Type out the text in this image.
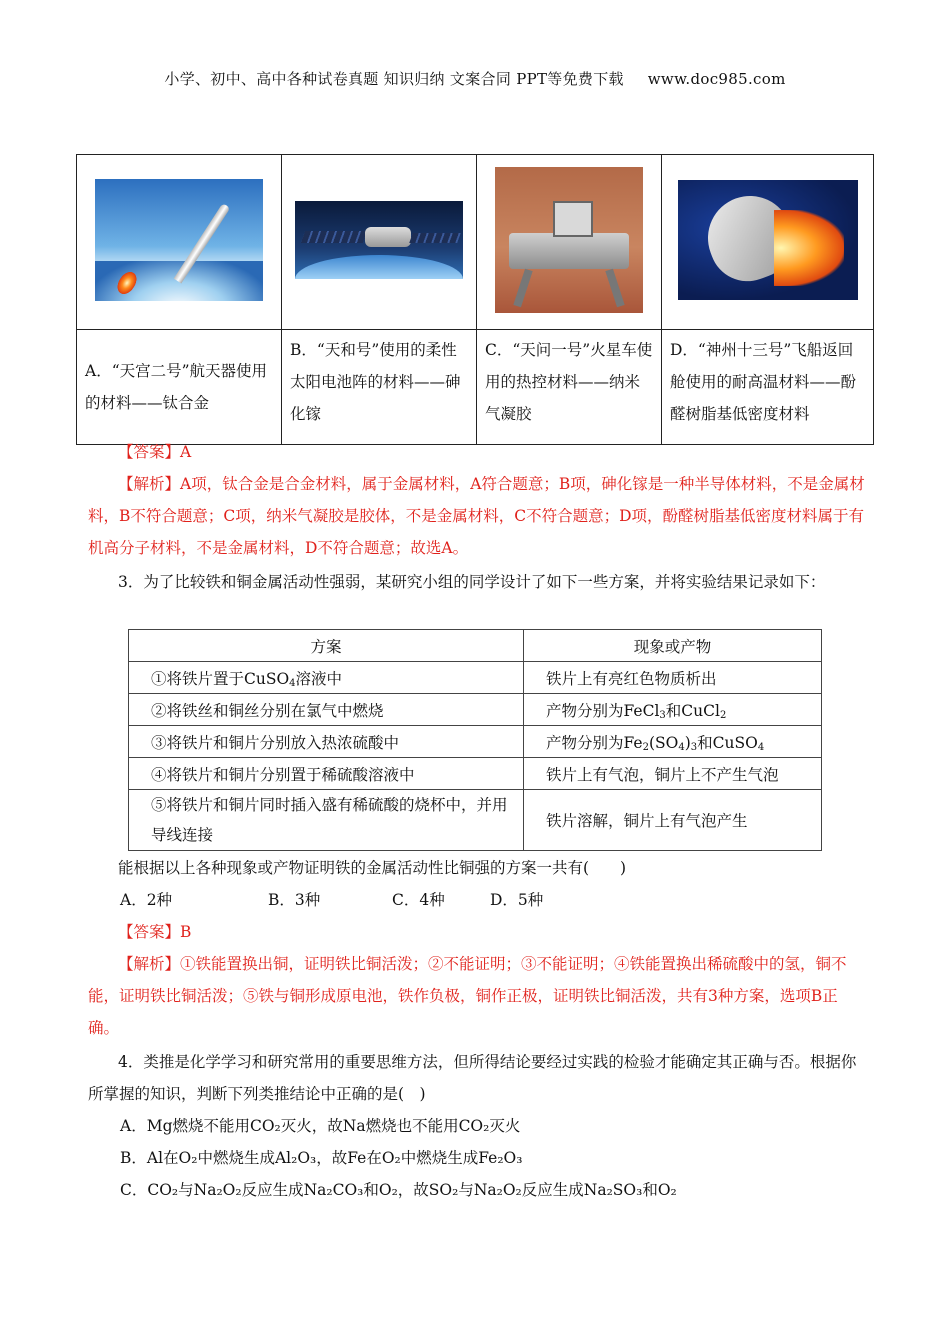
小学、初中、高中各种试卷真题 知识归纳 文案合同 PPT等免费下载 www.doc985.com

A．“天宫二号”航天器使用的材料——钛合金	B．“天和号”使用的柔性太阳电池阵的材料——砷化镓	C．“天问一号”火星车使用的热控材料——纳米气凝胶	D．“神州十三号”飞船返回舱使用的耐高温材料——酚醛树脂基低密度材料
【答案】A
【解析】A项，钛合金是合金材料，属于金属材料，A符合题意；B项，砷化镓是一种半导体材料，不是金属材料，B不符合题意；C项，纳米气凝胶是胶体，不是金属材料，C不符合题意；D项，酚醛树脂基低密度材料属于有机高分子材料，不是金属材料，D不符合题意；故选A。
3．为了比较铁和铜金属活动性强弱，某研究小组的同学设计了如下一些方案，并将实验结果记录如下：
方案	现象或产物
①将铁片置于CuSO$_4$溶液中	铁片上有亮红色物质析出
②将铁丝和铜丝分别在氯气中燃烧	产物分别为FeCl$_3$和CuCl$_2$
③将铁片和铜片分别放入热浓硫酸中	产物分别为$Fe_2(SO_4)_3$和CuSO$_4$
④将铁片和铜片分别置于稀硫酸溶液中	铁片上有气泡，铜片上不产生气泡
⑤将铁片和铜片同时插入盛有稀硫酸的烧杯中，并用导线连接	铁片溶解，铜片上有气泡产生
能根据以上各种现象或产物证明铁的金属活动性比铜强的方案一共有(　　)
A．2种	B．3种	C．4种	D．5种
【答案】B
【解析】①铁能置换出铜，证明铁比铜活泼；②不能证明；③不能证明；④铁能置换出稀硫酸中的氢，铜不能，证明铁比铜活泼；⑤铁与铜形成原电池，铁作负极，铜作正极，证明铁比铜活泼，共有3种方案，选项B正确。
4．类推是化学学习和研究常用的重要思维方法，但所得结论要经过实践的检验才能确定其正确与否。根据你所掌握的知识，判断下列类推结论中正确的是(　)
A．Mg燃烧不能用CO₂灭火，故Na燃烧也不能用CO₂灭火
B．Al在O₂中燃烧生成Al₂O₃，故Fe在O₂中燃烧生成Fe₂O₃
C．CO₂与Na₂O₂反应生成Na₂CO₃和O₂，故SO₂与Na₂O₂反应生成Na₂SO₃和O₂
